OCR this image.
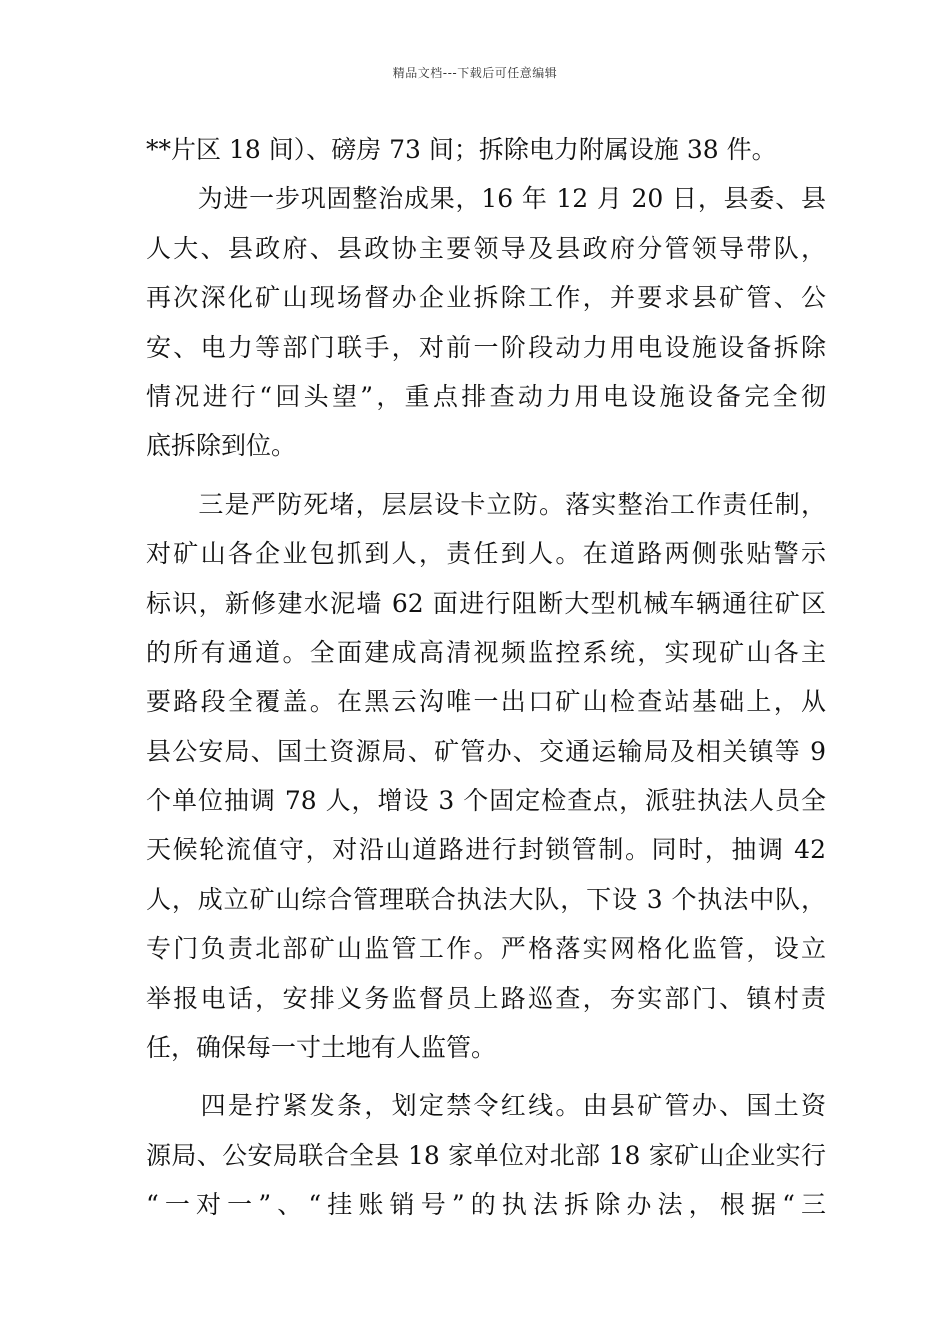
精品文档---下载后可任意编辑
**片区 18 间）、磅房 73 间；拆除电力附属设施 38 件。
　　为进一步巩固整治成果，16 年 12 月 20 日，县委、县
人大、县政府、县政协主要领导及县政府分管领导带队，
再次深化矿山现场督办企业拆除工作，并要求县矿管、公
安、电力等部门联手，对前一阶段动力用电设施设备拆除
情况进行“回头望”，重点排查动力用电设施设备完全彻
底拆除到位。
　　三是严防死堵，层层设卡立防。落实整治工作责任制，
对矿山各企业包抓到人，责任到人。在道路两侧张贴警示
标识，新修建水泥墙 62 面进行阻断大型机械车辆通往矿区
的所有通道。全面建成高清视频监控系统，实现矿山各主
要路段全覆盖。在黑云沟唯一出口矿山检查站基础上，从
县公安局、国土资源局、矿管办、交通运输局及相关镇等 9
个单位抽调 78 人，增设 3 个固定检查点，派驻执法人员全
天候轮流值守，对沿山道路进行封锁管制。同时，抽调 42
人，成立矿山综合管理联合执法大队，下设 3 个执法中队，
专门负责北部矿山监管工作。严格落实网格化监管，设立
举报电话，安排义务监督员上路巡查，夯实部门、镇村责
任，确保每一寸土地有人监管。
　　四是拧紧发条，划定禁令红线。由县矿管办、国土资
源局、公安局联合全县 18 家单位对北部 18 家矿山企业实行
“一对一”、“挂账销号”的执法拆除办法，根据“三
